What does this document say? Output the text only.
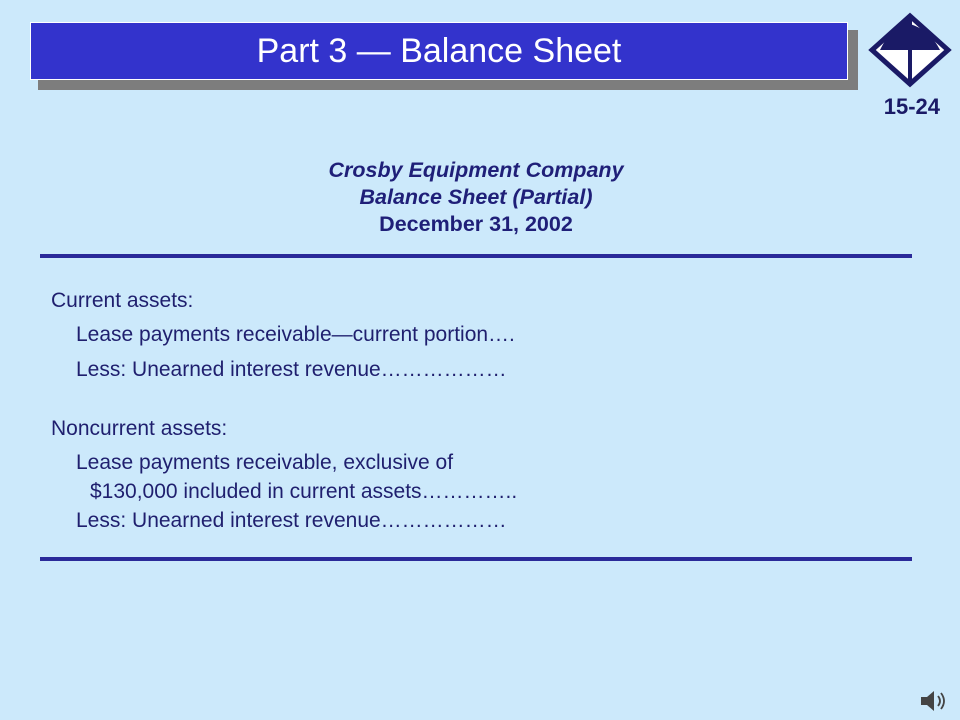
Part 3 — Balance Sheet
15-24
Crosby Equipment Company
Balance Sheet (Partial)
December 31, 2002
Current assets:
Lease payments receivable—current portion….
Less: Unearned interest revenue………………
Noncurrent assets:
Lease payments receivable, exclusive of
$130,000 included in current assets…………..
Less: Unearned interest revenue………………
